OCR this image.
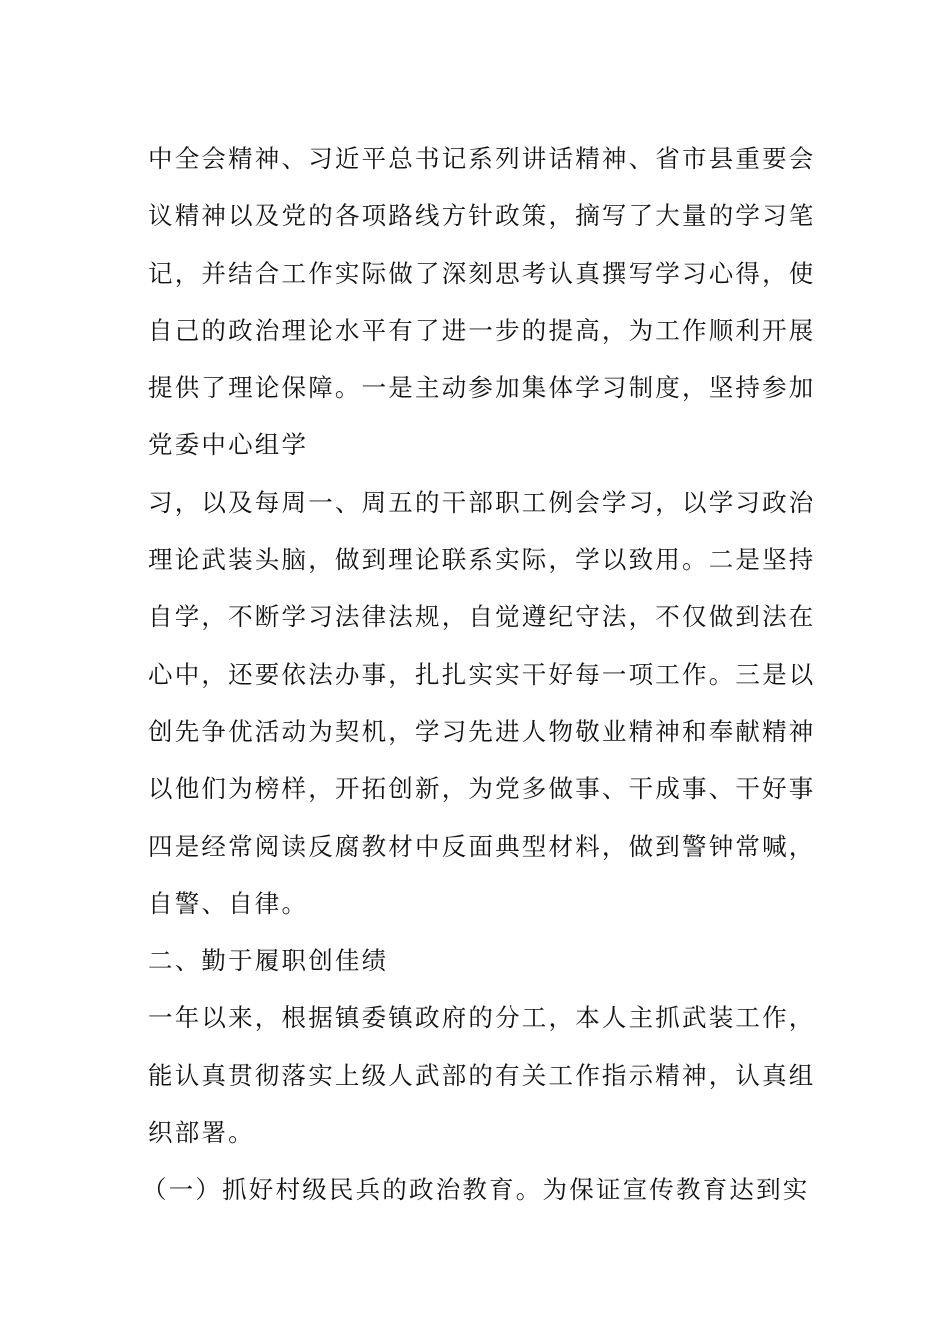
中全会精神、习近平总书记系列讲话精神、省市县重要会
议精神以及党的各项路线方针政策，摘写了大量的学习笔
记，并结合工作实际做了深刻思考认真撰写学习心得，使
自己的政治理论水平有了进一步的提高，为工作顺利开展
提供了理论保障。一是主动参加集体学习制度，坚持参加
党委中心组学
习，以及每周一、周五的干部职工例会学习，以学习政治
理论武装头脑，做到理论联系实际，学以致用。二是坚持
自学，不断学习法律法规，自觉遵纪守法，不仅做到法在
心中，还要依法办事，扎扎实实干好每一项工作。三是以
创先争优活动为契机，学习先进人物敬业精神和奉献精神
以他们为榜样，开拓创新，为党多做事、干成事、干好事
四是经常阅读反腐教材中反面典型材料，做到警钟常喊，
自警、自律。
二、勤于履职创佳绩
一年以来，根据镇委镇政府的分工，本人主抓武装工作，
能认真贯彻落实上级人武部的有关工作指示精神，认真组
织部署。
（一）抓好村级民兵的政治教育。为保证宣传教育达到实
